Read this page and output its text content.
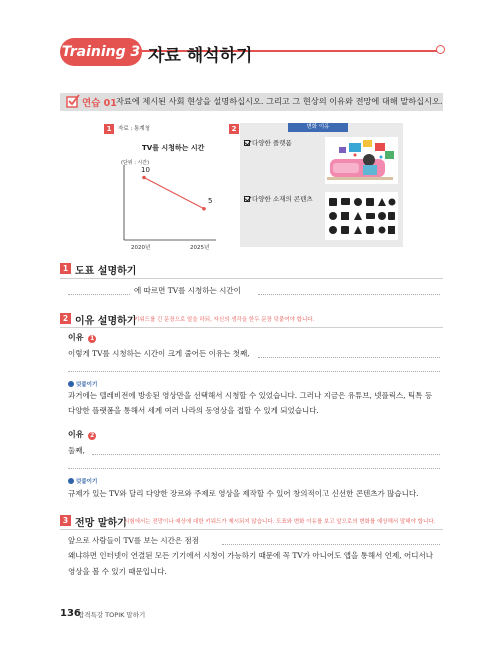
Training 3 자료 해석하기
연습 01 자료에 제시된 사회 현상을 설명하십시오. 그리고 그 현상의 이유와 전망에 대해 말하십시오.
1	자료 : 통계청
TV를 시청하는 시간
(단위 : 시간)
2020년	2025년
10
5
2	변화 이유
다양한 플랫폼
다양한 소재의 콘텐츠
1 도표 설명하기
에 따르면 TV를 시청하는 시간이
2 이유 설명하기
키워드를 긴 문장으로 말을 하되, 자신의 생각을 한두 문장 덧붙여야 합니다.
이유 1
이렇게 TV를 시청하는 시간이 크게 줄어든 이유는 첫째,
덧붙이기
과거에는 텔레비전에 방송된 영상만을 선택해서 시청할 수 있었습니다. 그러나 지금은 유튜브, 넷플릭스, 틱톡 등
다양한 플랫폼을 통해서 세계 여러 나라의 동영상을 접할 수 있게 되었습니다.
이유 2
둘째,
덧붙이기
규제가 있는 TV와 달리 다양한 장르와 주제로 영상을 제작할 수 있어 창의적이고 신선한 콘텐츠가 많습니다.
3 전망 말하기
시험에서는 전망이나 예상에 대한 키워드가 제시되지 않습니다. 도표와 변화 이유를 보고 앞으로의 변화를 예상해서 말해야 합니다.
앞으로 사람들이 TV를 보는 시간은 점점
왜냐하면 인터넷이 연결된 모든 기기에서 시청이 가능하기 때문에 꼭 TV가 아니어도 앱을 통해서 언제, 어디서나
영상을 볼 수 있기 때문입니다.
136
합격특강 TOPIK 말하기
